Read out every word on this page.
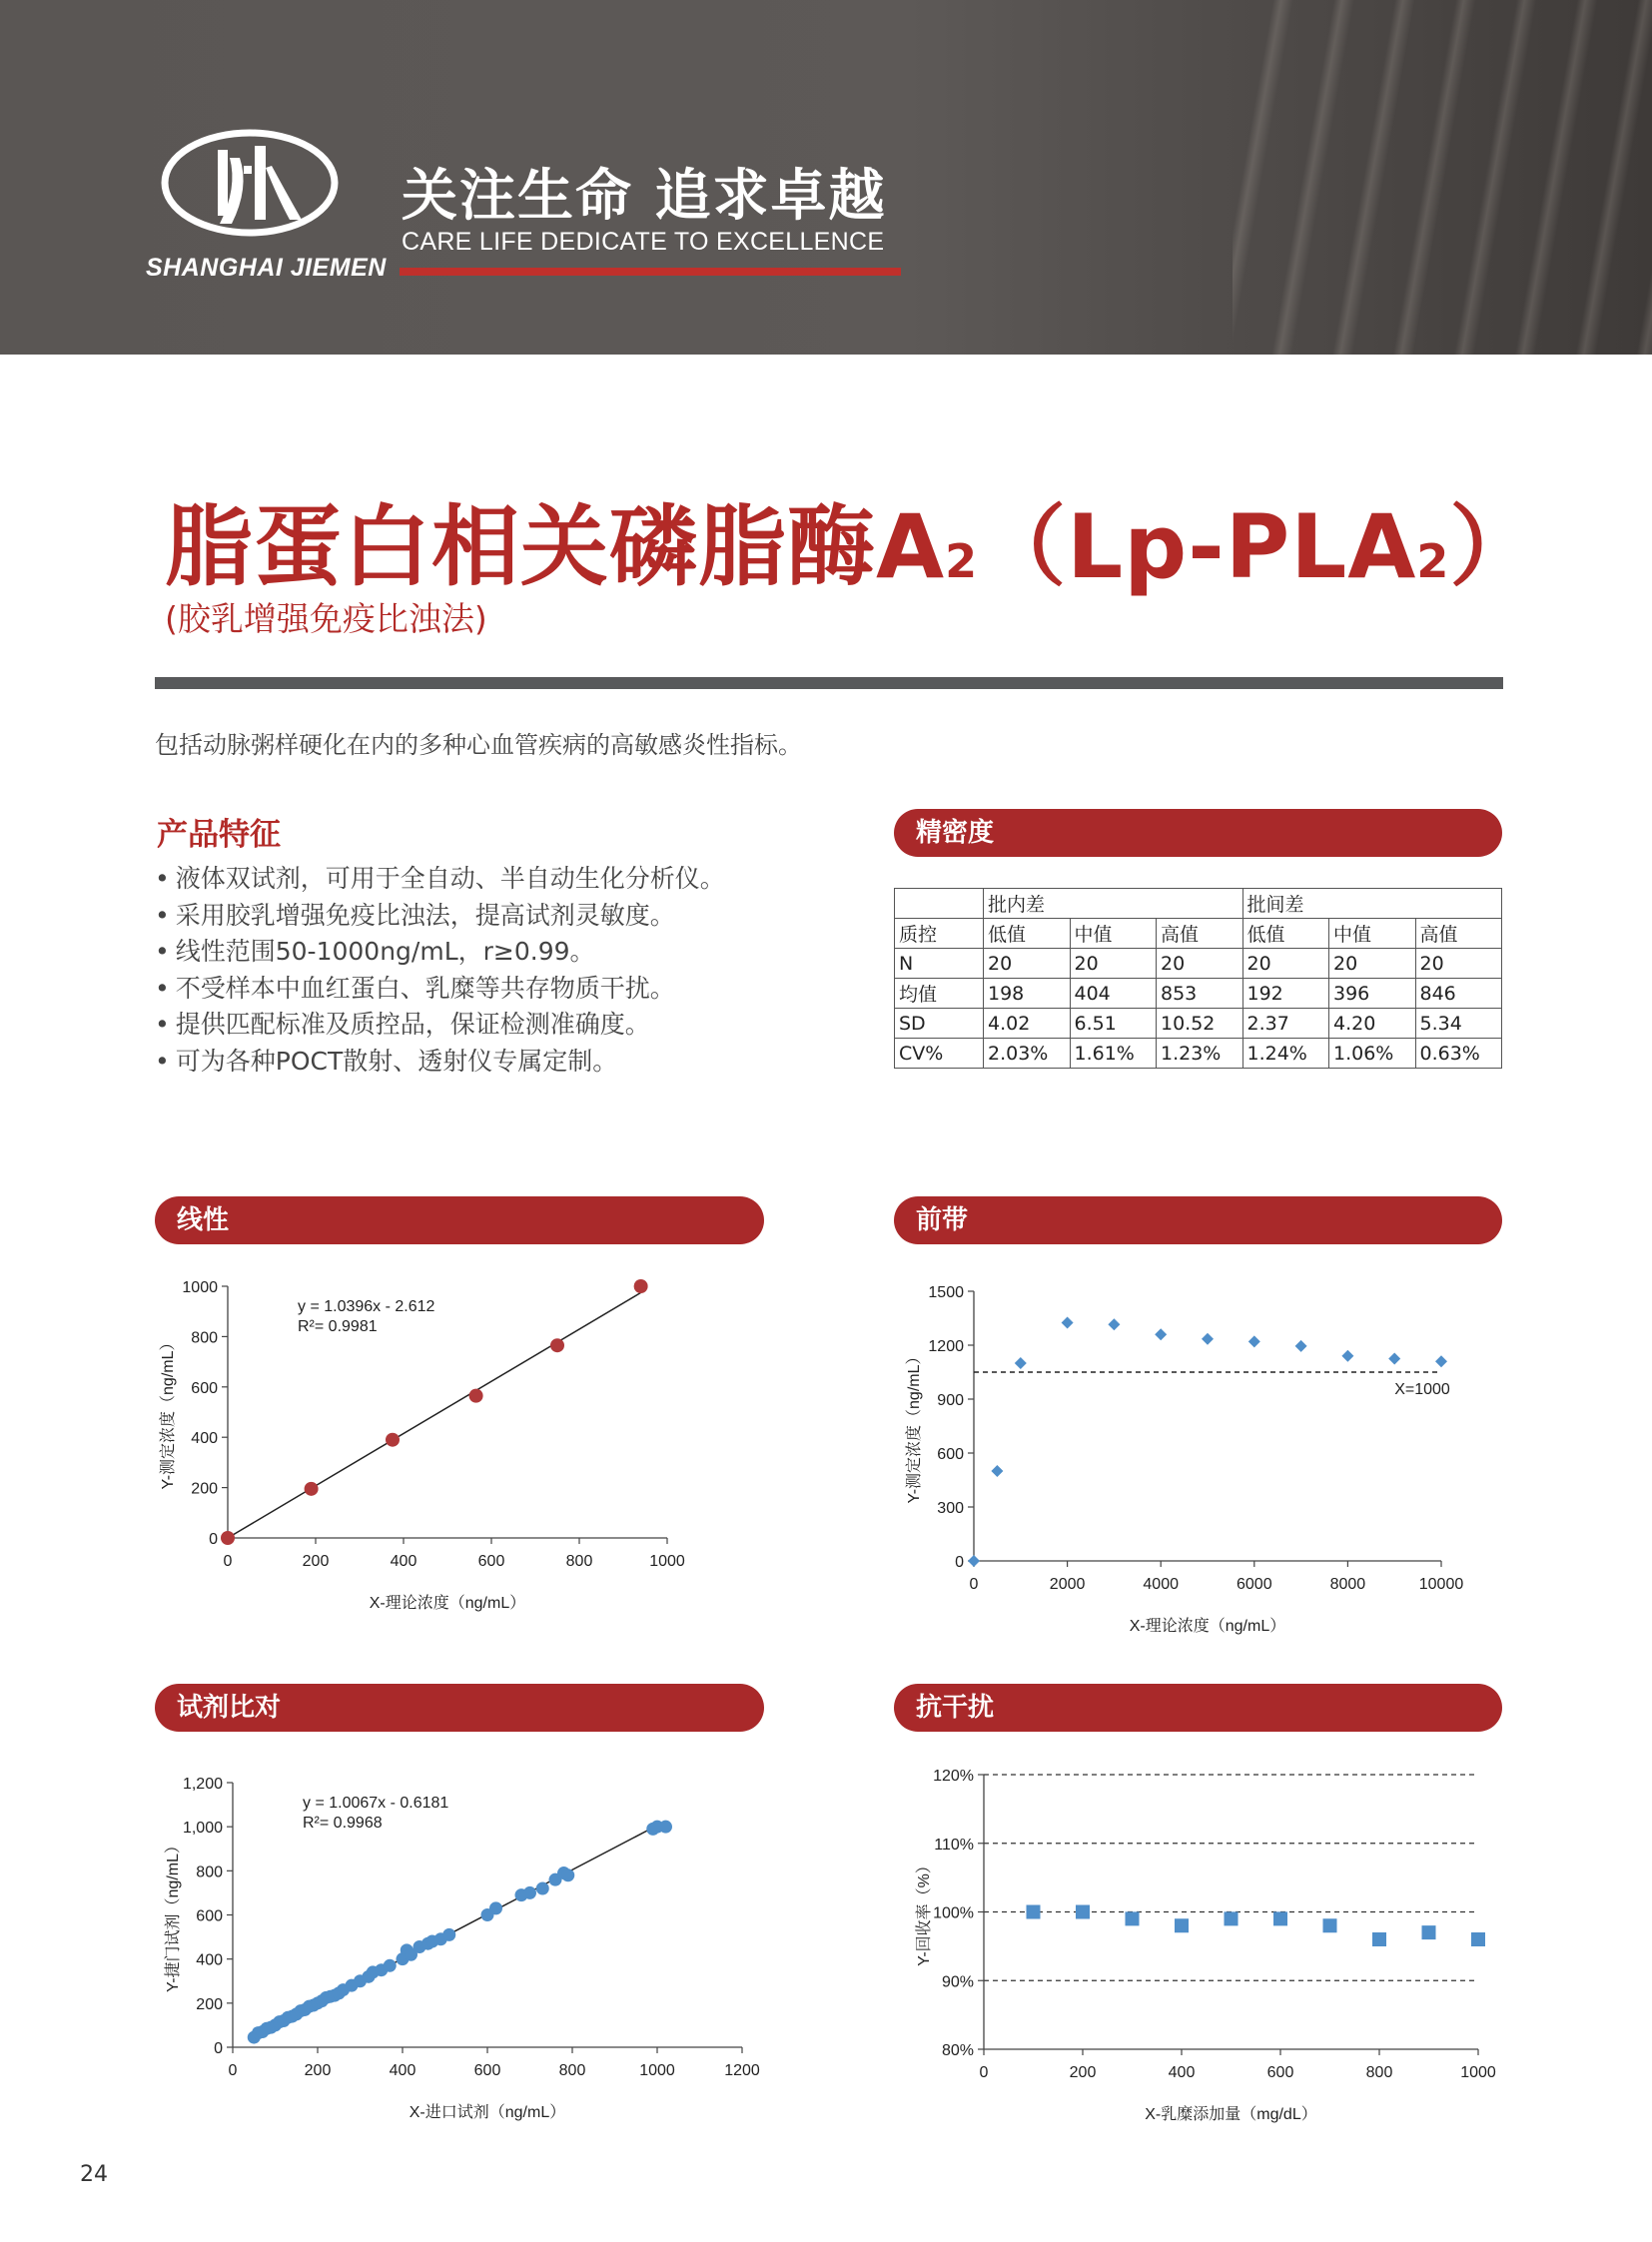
SHANGHAI JIEMEN
关注生命 追求卓越
CARE LIFE DEDICATE TO EXCELLENCE
脂蛋白相关磷脂酶A2（Lp-PLA2）
(胶乳增强免疫比浊法)
包括动脉粥样硬化在内的多种心血管疾病的高敏感炎性指标。
产品特征
• 液体双试剂，可用于全自动、半自动生化分析仪。
• 采用胶乳增强免疫比浊法，提高试剂灵敏度。
• 线性范围50-1000ng/mL，r≥0.99。
• 不受样本中血红蛋白、乳糜等共存物质干扰。
• 提供匹配标准及质控品，保证检测准确度。
• 可为各种POCT散射、透射仪专属定制。
精密度
	批内差			批间差		
质控	低值	中值	高值	低值	中值	高值
N	20	20	20	20	20	20
均值	198	404	853	192	396	846
SD	4.02	6.51	10.52	2.37	4.20	5.34
CV%	2.03%	1.61%	1.23%	1.24%	1.06%	0.63%
线性	前带
试剂比对	抗干扰
0	200	400	600	800	1000
0
200
400
600
800
1000
X-理论浓度（ng/mL）
Y-测定浓度（ng/mL）
y = 1.0396x - 2.612
R²= 0.9981
0	2000	4000	6000	8000	10000
0
300
600
900
1200
1500
X-理论浓度（ng/mL）
Y-测定浓度（ng/mL）	X=1000
0	200	400	600	800	1000	1200
0
200
400
600
800
1,000
1,200
X-进口试剂（ng/mL）
Y-捷门试剂（ng/mL）
y = 1.0067x - 0.6181
R²= 0.9968
0	200	400	600	800	1000
80%
90%
100%
110%
120%
X-乳糜添加量（mg/dL）
Y-回收率（%）
24
